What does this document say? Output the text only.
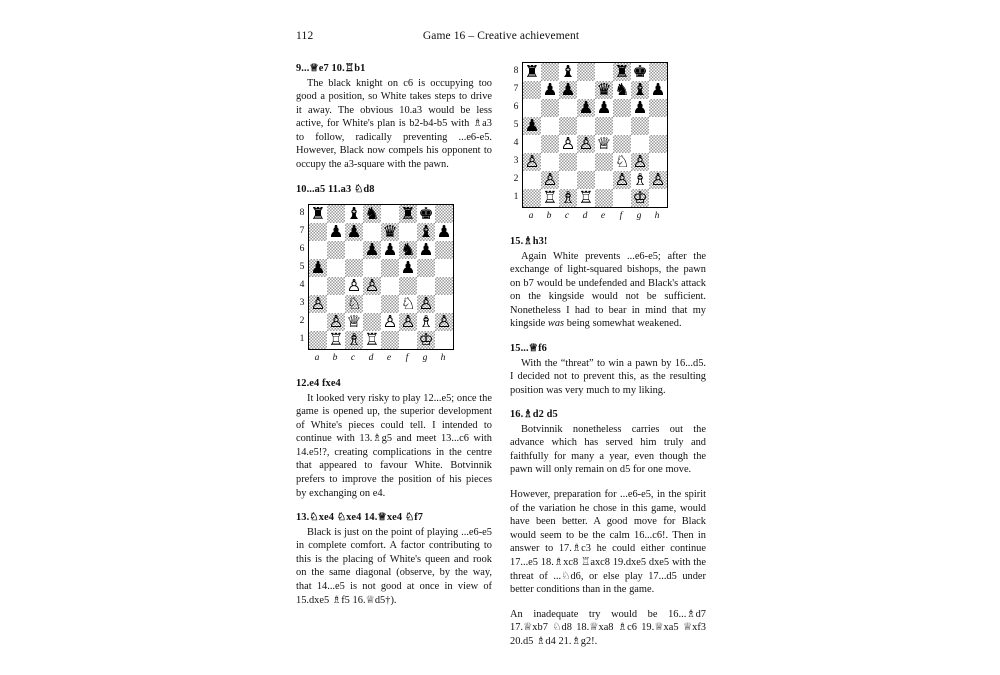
112	Game 16 – Creative achievement
9...♕e7 10.♖b1

The black knight on c6 is occupying too good a position, so White takes steps to drive it away. The obvious 10.a3 would be less active, for White's plan is b2-b4-b5 with ♗a3 to follow, radically preventing ...e6-e5. However, Black now compels his opponent to occupy the a3-square with the pawn.

10...a5 11.a3 ♘d8
8
7
6
5
4
3
2
1
♜ ♝ ♞ ♜ ♚
♟ ♟ ♛ ♝ ♟
♟ ♟ ♞ ♟
♟	♟
♙ ♙
♙ ♘ ♘ ♙
♙ ♕ ♙ ♙ ♗ ♙
♖ ♗ ♖ ♔
a	b	c	d	e	f	g	h
12.e4 fxe4

It looked very risky to play 12...e5; once the game is opened up, the superior development of White's pieces could tell. I intended to continue with 13.♗g5 and meet 13...c6 with 14.e5!?, creating complications in the centre that appeared to favour White. Botvinnik prefers to improve the position of his pieces by exchanging on e4.

13.♘xe4 ♘xe4 14.♕xe4 ♘f7

Black is just on the point of playing ...e6-e5 in complete comfort. A factor contributing to this is the placing of White's queen and rook on the same diagonal (observe, by the way, that 14...e5 is not good at once in view of 15.dxe5 ♗f5 16.♕d5†).

8
7
6
5
4
3
2
1
♜ ♝ ♜ ♚
♟ ♟ ♛ ♞ ♝ ♟
♟ ♟ ♟
♟
♙ ♙ ♕
♙	♘ ♙
♙	♙ ♗ ♙
♖ ♗ ♖ ♔
a	b	c	d	e	f	g	h
15.♗h3!

Again White prevents ...e6-e5; after the exchange of light-squared bishops, the pawn on b7 would be undefended and Black's attack on the kingside would not be sufficient. Nonetheless I had to bear in mind that my kingside was being somewhat weakened.

15...♕f6

With the “threat” to win a pawn by 16...d5. I decided not to prevent this, as the resulting position was very much to my liking.

16.♗d2 d5

Botvinnik nonetheless carries out the advance which has served him truly and faithfully for many a year, even though the pawn will only remain on d5 for one move.

However, preparation for ...e6-e5, in the spirit of the variation he chose in this game, would have been better. A good move for Black would seem to be the calm 16...c6!. Then in answer to 17.♗c3 he could either continue 17...e5 18.♗xc8 ♖axc8 19.dxe5 dxe5 with the threat of ...♘d6, or else play 17...d5 under better conditions than in the game.

An inadequate try would be 16...♗d7 17.♕xb7 ♘d8 18.♕xa8 ♗c6 19.♕xa5 ♕xf3 20.d5 ♗d4 21.♗g2!.
